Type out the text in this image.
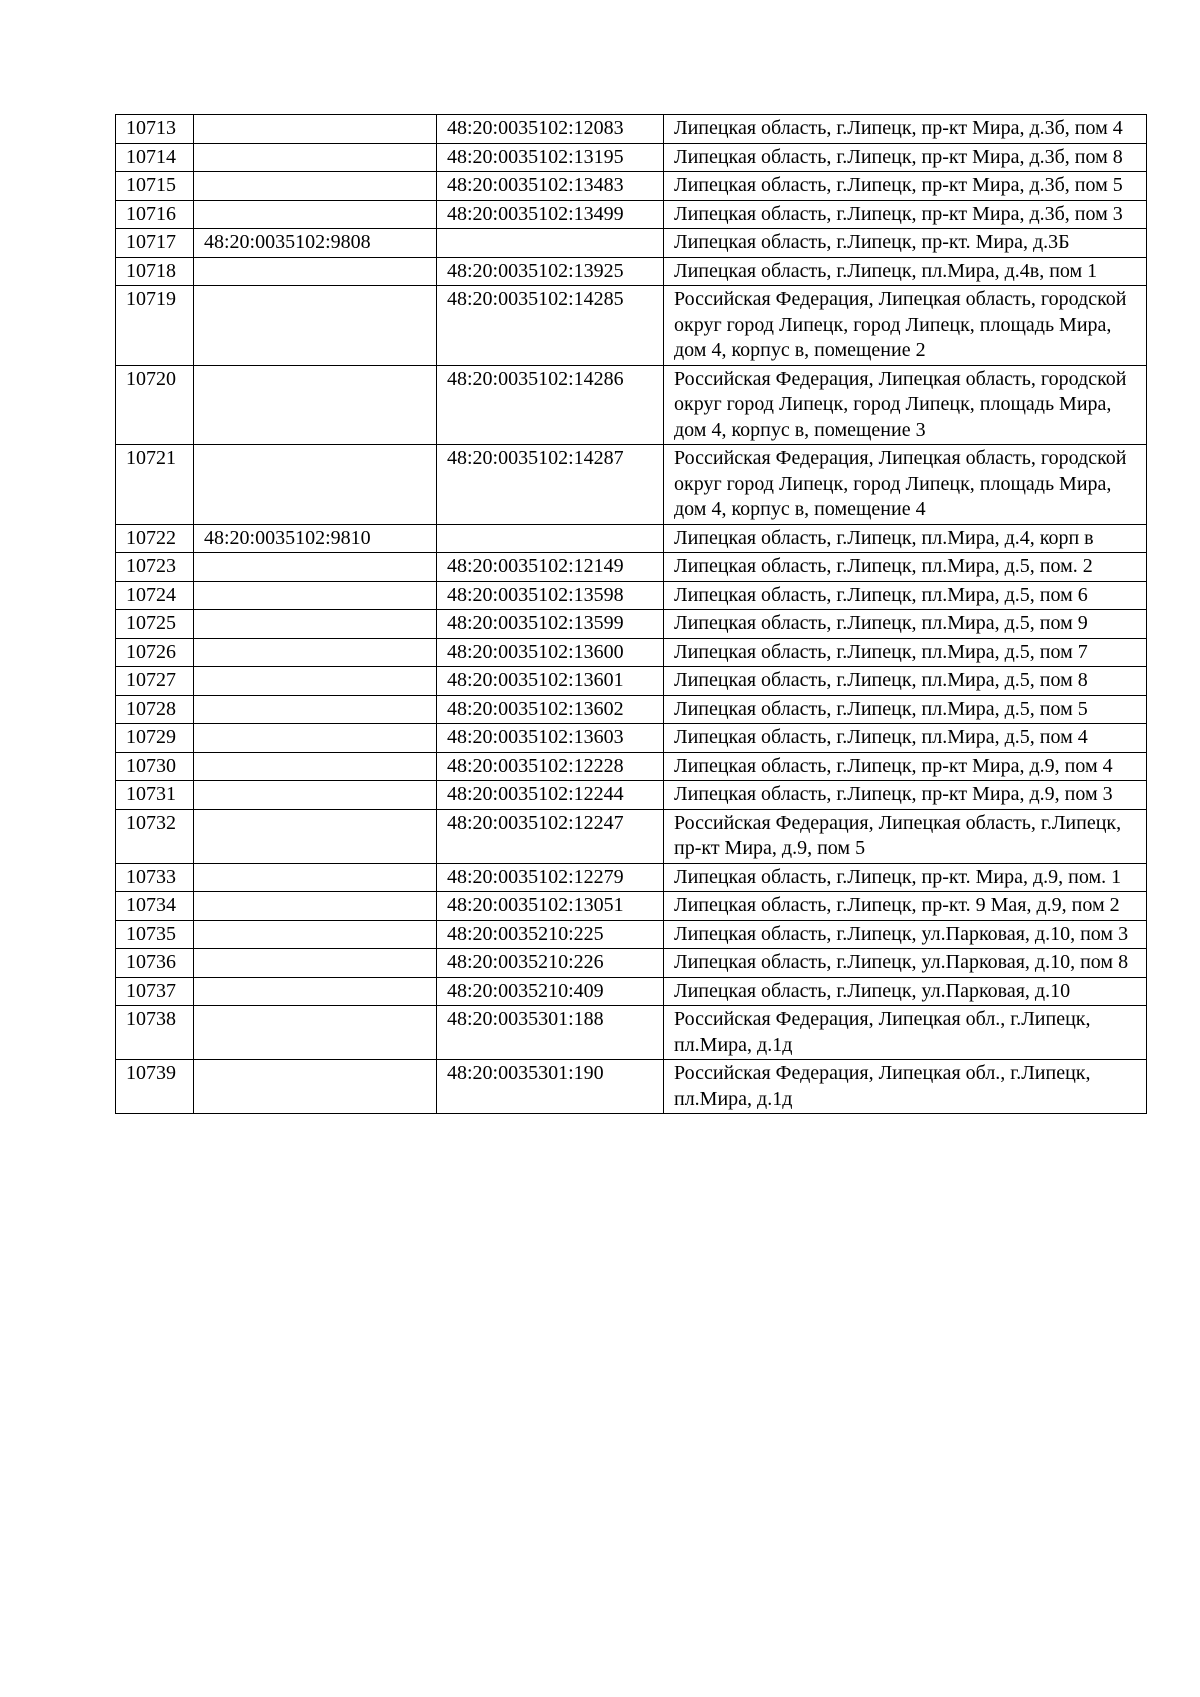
10713		48:20:0035102:12083	Липецкая область, г.Липецк, пр-кт Мира, д.3б, пом 4
10714		48:20:0035102:13195	Липецкая область, г.Липецк, пр-кт Мира, д.3б, пом 8
10715		48:20:0035102:13483	Липецкая область, г.Липецк, пр-кт Мира, д.3б, пом 5
10716		48:20:0035102:13499	Липецкая область, г.Липецк, пр-кт Мира, д.3б, пом 3
10717	48:20:0035102:9808		Липецкая область, г.Липецк, пр-кт. Мира, д.3Б
10718		48:20:0035102:13925	Липецкая область, г.Липецк, пл.Мира, д.4в, пом 1
10719		48:20:0035102:14285	Российская Федерация, Липецкая область, городской округ город Липецк, город Липецк, площадь Мира, дом 4, корпус в, помещение 2
10720		48:20:0035102:14286	Российская Федерация, Липецкая область, городской округ город Липецк, город Липецк, площадь Мира, дом 4, корпус в, помещение 3
10721		48:20:0035102:14287	Российская Федерация, Липецкая область, городской округ город Липецк, город Липецк, площадь Мира, дом 4, корпус в, помещение 4
10722	48:20:0035102:9810		Липецкая область, г.Липецк, пл.Мира, д.4, корп в
10723		48:20:0035102:12149	Липецкая область, г.Липецк, пл.Мира, д.5, пом. 2
10724		48:20:0035102:13598	Липецкая область, г.Липецк, пл.Мира, д.5, пом 6
10725		48:20:0035102:13599	Липецкая область, г.Липецк, пл.Мира, д.5, пом 9
10726		48:20:0035102:13600	Липецкая область, г.Липецк, пл.Мира, д.5, пом 7
10727		48:20:0035102:13601	Липецкая область, г.Липецк, пл.Мира, д.5, пом 8
10728		48:20:0035102:13602	Липецкая область, г.Липецк, пл.Мира, д.5, пом 5
10729		48:20:0035102:13603	Липецкая область, г.Липецк, пл.Мира, д.5, пом 4
10730		48:20:0035102:12228	Липецкая область, г.Липецк, пр-кт Мира, д.9, пом 4
10731		48:20:0035102:12244	Липецкая область, г.Липецк, пр-кт Мира, д.9, пом 3
10732		48:20:0035102:12247	Российская Федерация, Липецкая область, г.Липецк, пр-кт Мира, д.9, пом 5
10733		48:20:0035102:12279	Липецкая область, г.Липецк, пр-кт. Мира, д.9, пом. 1
10734		48:20:0035102:13051	Липецкая область, г.Липецк, пр-кт. 9 Мая, д.9, пом 2
10735		48:20:0035210:225	Липецкая область, г.Липецк, ул.Парковая, д.10, пом 3
10736		48:20:0035210:226	Липецкая область, г.Липецк, ул.Парковая, д.10, пом 8
10737		48:20:0035210:409	Липецкая область, г.Липецк, ул.Парковая, д.10
10738		48:20:0035301:188	Российская Федерация, Липецкая обл., г.Липецк, пл.Мира, д.1д
10739		48:20:0035301:190	Российская Федерация, Липецкая обл., г.Липецк, пл.Мира, д.1д
